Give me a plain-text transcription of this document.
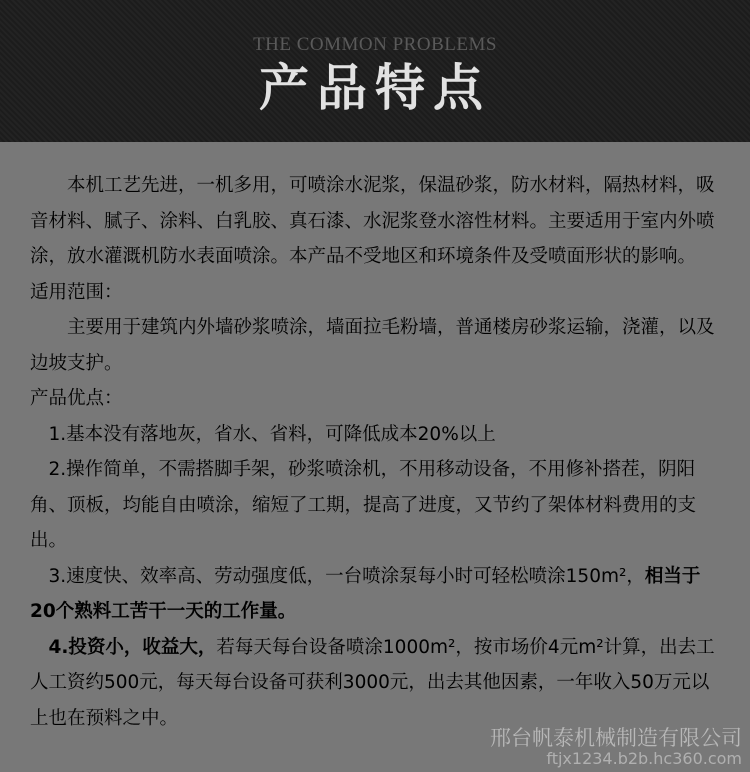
THE COMMON PROBLEMS
产品特点

　　本机工艺先进，一机多用，可喷涂水泥浆，保温砂浆，防水材料，隔热材料，吸音材料、腻子、涂料、白乳胶、真石漆、水泥浆登水溶性材料。主要适用于室内外喷涂，放水灌溉机防水表面喷涂。本产品不受地区和环境条件及受喷面形状的影响。

适用范围：

　　主要用于建筑内外墙砂浆喷涂，墙面拉毛粉墙，普通楼房砂浆运输，浇灌，以及边坡支护。

产品优点：

　1.基本没有落地灰，省水、省料，可降低成本20%以上

　2.操作简单，不需搭脚手架，砂浆喷涂机，不用移动设备，不用修补搭茬，阴阳角、顶板，均能自由喷涂，缩短了工期，提高了进度，又节约了架体材料费用的支出。

　3.速度快、效率高、劳动强度低，一台喷涂泵每小时可轻松喷涂150m²，相当于20个熟料工苦干一天的工作量。

　4.投资小，收益大，若每天每台设备喷涂1000m²，按市场价4元m²计算，出去工人工资约500元，每天每台设备可获利3000元，出去其他因素，一年收入50万元以上也在预料之中。

邢台帆泰机械制造有限公司
ftjx1234.b2b.hc360.com
